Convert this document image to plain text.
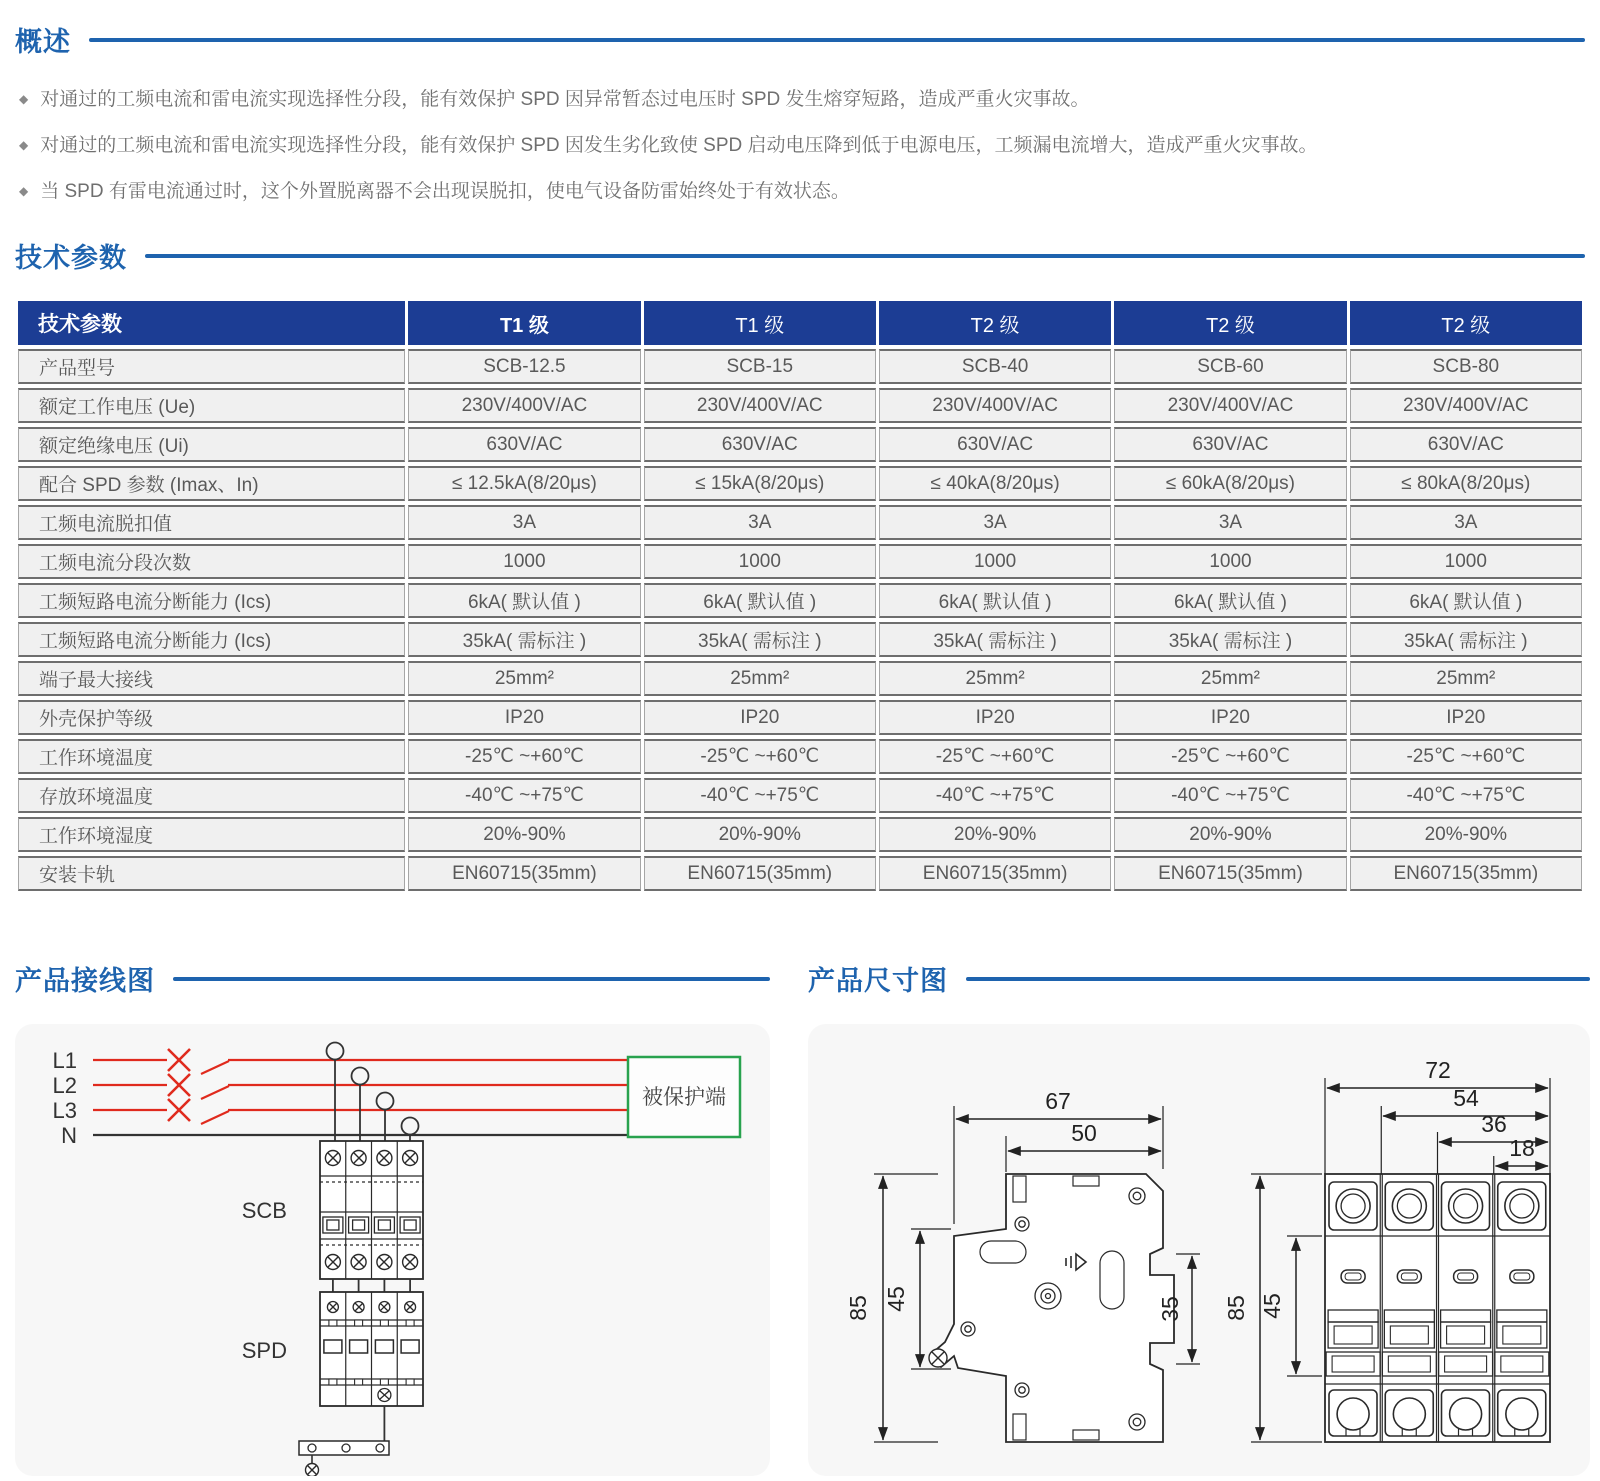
概述
◆ 对通过的工频电流和雷电流实现选择性分段，能有效保护 SPD 因异常暂态过电压时 SPD 发生熔穿短路，造成严重火灾事故。
◆ 对通过的工频电流和雷电流实现选择性分段，能有效保护 SPD 因发生劣化致使 SPD 启动电压降到低于电源电压，工频漏电流增大，造成严重火灾事故。
◆ 当 SPD 有雷电流通过时，这个外置脱离器不会出现误脱扣，使电气设备防雷始终处于有效状态。
技术参数
技术参数	T1 级	T1 级	T2 级	T2 级	T2 级
产品型号	SCB-12.5	SCB-15	SCB-40	SCB-60	SCB-80
额定工作电压 (Ue)	230V/400V/AC	230V/400V/AC	230V/400V/AC	230V/400V/AC	230V/400V/AC
额定绝缘电压 (Ui)	630V/AC	630V/AC	630V/AC	630V/AC	630V/AC
配合 SPD 参数 (Imax、In)	≤ 12.5kA(8/20μs)	≤ 15kA(8/20μs)	≤ 40kA(8/20μs)	≤ 60kA(8/20μs)	≤ 80kA(8/20μs)
工频电流脱扣值	3A	3A	3A	3A	3A
工频电流分段次数	1000	1000	1000	1000	1000
工频短路电流分断能力 (Ics)	6kA( 默认值 )	6kA( 默认值 )	6kA( 默认值 )	6kA( 默认值 )	6kA( 默认值 )
工频短路电流分断能力 (Ics)	35kA( 需标注 )	35kA( 需标注 )	35kA( 需标注 )	35kA( 需标注 )	35kA( 需标注 )
端子最大接线	25mm²	25mm²	25mm²	25mm²	25mm²
外壳保护等级	IP20	IP20	IP20	IP20	IP20
工作环境温度	-25℃ ~+60℃	-25℃ ~+60℃	-25℃ ~+60℃	-25℃ ~+60℃	-25℃ ~+60℃
存放环境温度	-40℃ ~+75℃	-40℃ ~+75℃	-40℃ ~+75℃	-40℃ ~+75℃	-40℃ ~+75℃
工作环境湿度	20%-90%	20%-90%	20%-90%	20%-90%	20%-90%
安装卡轨	EN60715(35mm)	EN60715(35mm)	EN60715(35mm)	EN60715(35mm)	EN60715(35mm)
产品接线图
L1
L2
L3
N
被保护端
SCB
SPD
产品尺寸图
67
50
85 45	35
72
54
36
18
85 45
